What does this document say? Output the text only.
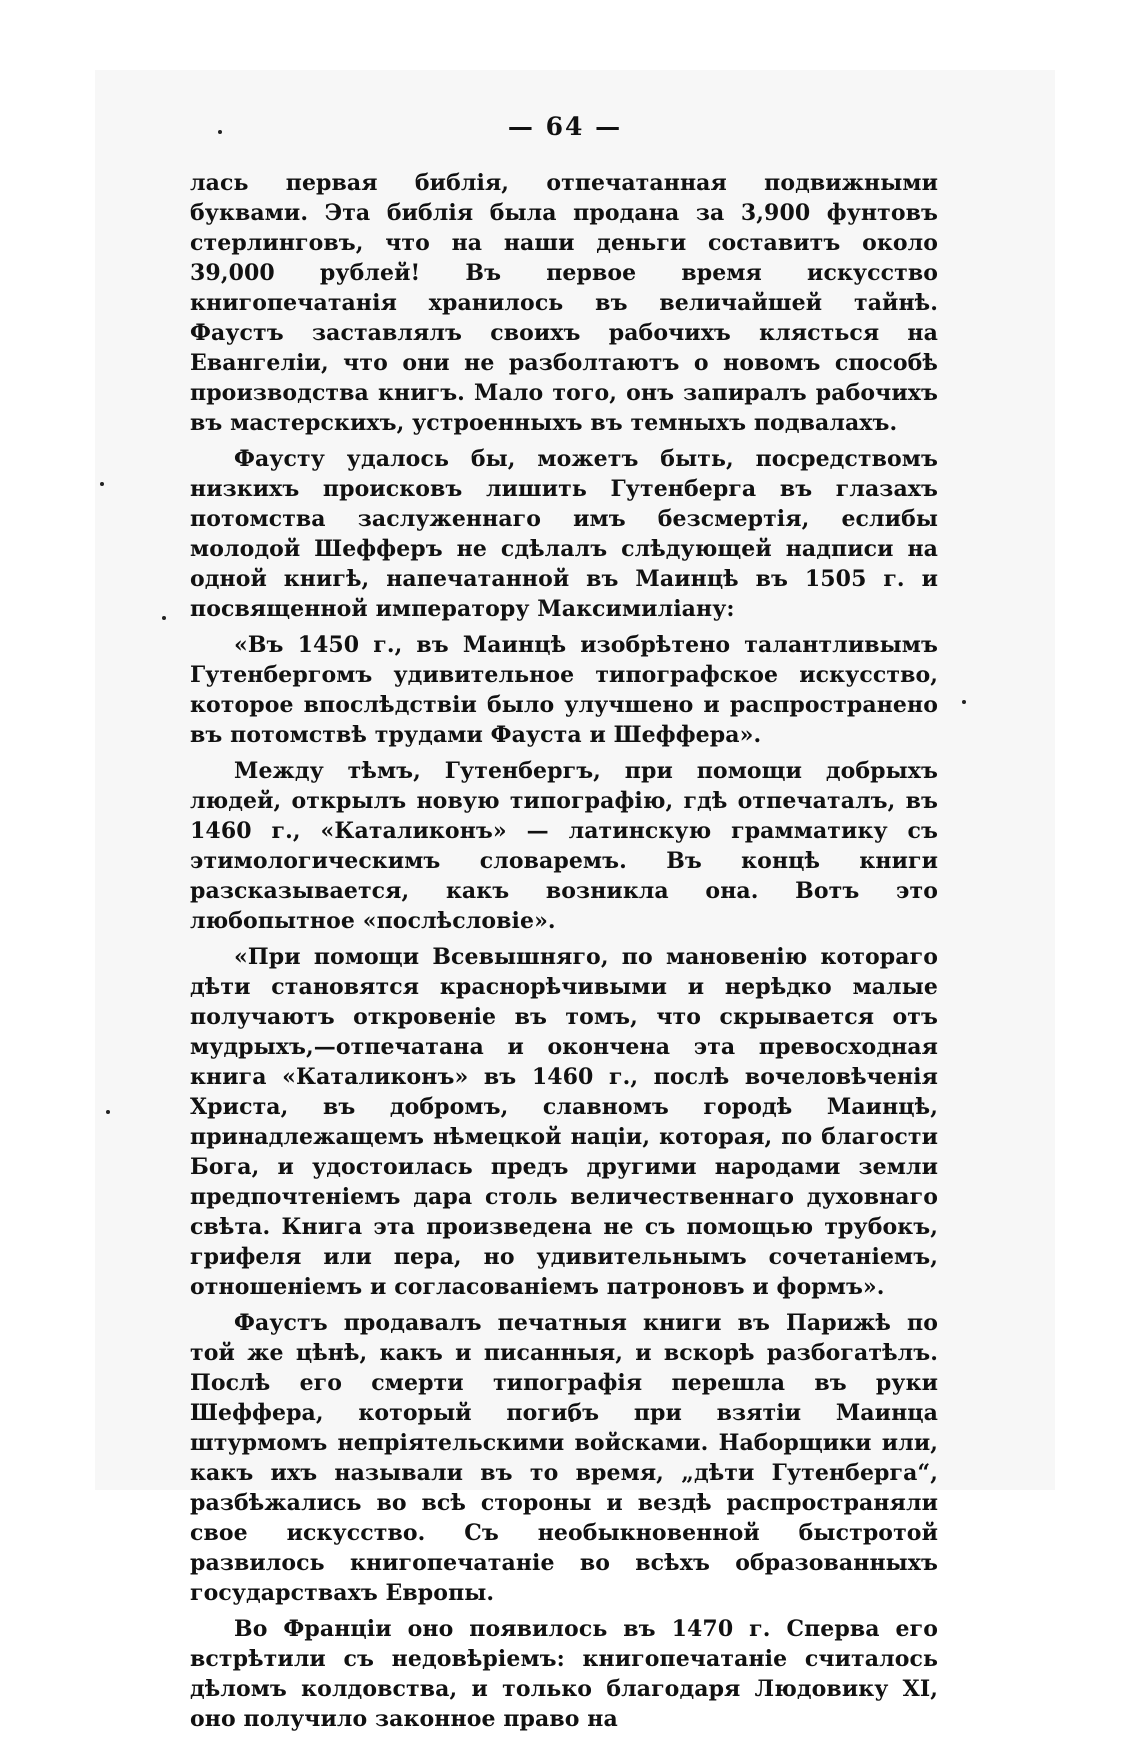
— 64 —

лась первая библія, отпечатанная подвижными буквами. Эта библія была продана за 3,900 фунтовъ стерлинговъ, что на наши деньги составитъ около 39,000 рублей! Въ первое время искусство книгопечатанія хранилось въ величайшей тайнѣ. Фаустъ заставлялъ своихъ рабочихъ клясться на Евангеліи, что они не разболтаютъ о новомъ способѣ производства книгъ. Мало того, онъ запиралъ рабочихъ въ мастерскихъ, устроенныхъ въ темныхъ подвалахъ.

Фаусту удалось бы, можетъ быть, посредствомъ низкихъ происковъ лишить Гутенберга въ глазахъ потомства заслуженнаго имъ безсмертія, еслибы молодой Шефферъ не сдѣлалъ слѣдующей надписи на одной книгѣ, напечатанной въ Маинцѣ въ 1505 г. и посвященной императору Максимиліану:

«Въ 1450 г., въ Маинцѣ изобрѣтено талантливымъ Гутенбергомъ удивительное типографское искусство, которое впослѣдствіи было улучшено и распространено въ потомствѣ трудами Фауста и Шеффера».

Между тѣмъ, Гутенбергъ, при помощи добрыхъ людей, открылъ новую типографію, гдѣ отпечаталъ, въ 1460 г., «Каталиконъ» — латинскую грамматику съ этимологическимъ словаремъ. Въ концѣ книги разсказывается, какъ возникла она. Вотъ это любопытное «послѣсловіе».

«При помощи Всевышняго, по мановенію котораго дѣти становятся краснорѣчивыми и нерѣдко малые получаютъ откровеніе въ томъ, что скрывается отъ мудрыхъ,—отпечатана и окончена эта превосходная книга «Каталиконъ» въ 1460 г., послѣ вочеловѣченія Христа, въ добромъ, славномъ городѣ Маинцѣ, принадлежащемъ нѣмецкой націи, которая, по благости Бога, и удостоилась предъ другими народами земли предпочтеніемъ дара столь величественнаго духовнаго свѣта. Книга эта произведена не съ помощью трубокъ, грифеля или пера, но удивительнымъ сочетаніемъ, отношеніемъ и согласованіемъ патроновъ и формъ».

Фаустъ продавалъ печатныя книги въ Парижѣ по той же цѣнѣ, какъ и писанныя, и вскорѣ разбогатѣлъ. Послѣ его смерти типографія перешла въ руки Шеффера, который погибъ при взятіи Маинца штурмомъ непріятельскими войсками. Наборщики или, какъ ихъ называли въ то время, „дѣти Гутенберга“, разбѣжались во всѣ стороны и вездѣ распространяли свое искусство. Съ необыкновенной быстротой развилось книгопечатаніе во всѣхъ образованныхъ государствахъ Европы.

Во Франціи оно появилось въ 1470 г. Сперва его встрѣтили съ недовѣріемъ: книгопечатаніе считалось дѣломъ колдовства, и только благодаря Людовику XI, оно получило законное право на
